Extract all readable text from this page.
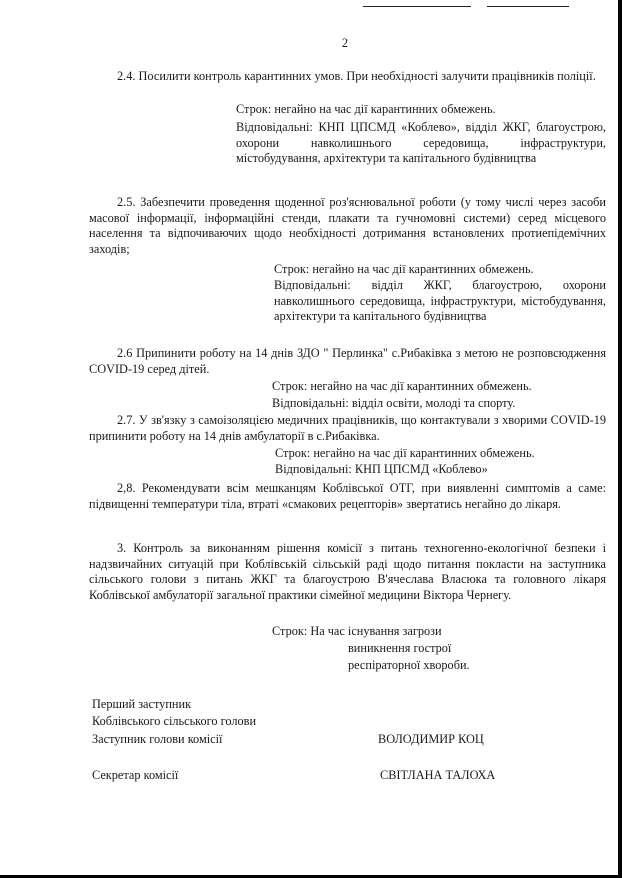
2
2.4. Посилити контроль карантинних умов. При необхідності залучити працівників поліції.
Строк: негайно на час дії карантинних обмежень.
Відповідальні: КНП ЦПСМД «Коблево», відділ ЖКГ, благоустрою, охорони навколишнього середовища, інфраструктури, містобудування, архітектури та капітального будівництва
2.5. Забезпечити проведення щоденної роз'яснювальної роботи (у тому числі через засоби масової інформації, інформаційні стенди, плакати та гучномовні системи) серед місцевого населення та відпочиваючих щодо необхідності дотримання встановлених протиепідемічних заходів;
Строк: негайно на час дії карантинних обмежень.
Відповідальні: відділ ЖКГ, благоустрою, охорони навколишнього середовища, інфраструктури, містобудування, архітектури та капітального будівництва
2.6 Припинити роботу на 14 днів ЗДО " Перлинка" с.Рибаківка з метою не розповсюдження COVID-19 серед дітей.
Строк: негайно на час дії карантинних обмежень.
Відповідальні: відділ освіти, молоді та спорту.
2.7. У зв'язку з самоізоляцією медичних працівників, що контактували з хворими COVID-19 припинити роботу на 14 днів амбулаторії в с.Рибаківка.
Строк: негайно на час дії карантинних обмежень.
Відповідальні: КНП ЦПСМД «Коблево»
2,8. Рекомендувати всім мешканцям Коблівської ОТГ, при виявленні симптомів а саме: підвищенні температури тіла, втраті «смакових рецепторів» звертатись негайно до лікаря.
3. Контроль за виконанням рішення комісії з питань техногенно-екологічної безпеки і надзвичайних ситуацій при Коблівській сільській раді щодо питання покласти на заступника сільського голови з питань ЖКГ та благоустрою В'ячеслава Власюка та головного лікаря Коблівської амбулаторії загальної практики сімейної медицини Віктора Чернегу.
Строк: На час існування загрози
виникнення гострої
респіраторної хвороби.
Перший заступник
Коблівського сільського голови
Заступник голови комісії	ВОЛОДИМИР КОЦ
Секретар комісії	СВІТЛАНА ТАЛОХА
